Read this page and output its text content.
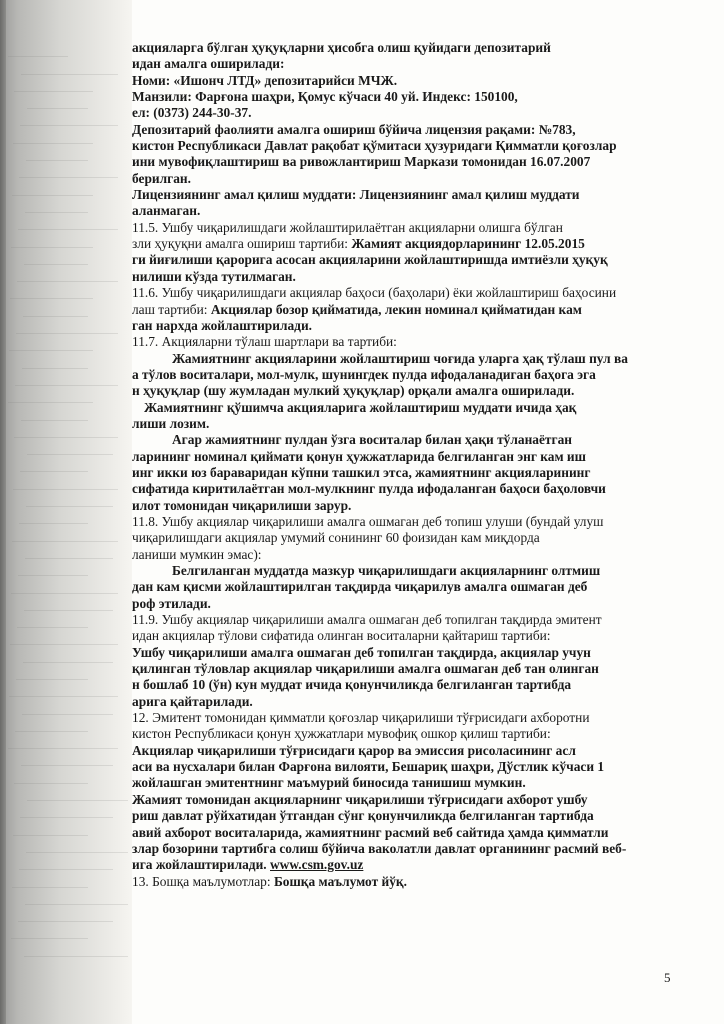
акцияларга бўлган ҳуқуқларни ҳисобга олиш қуйидаги депозитарий

идан амалга оширилади:

Номи: «Ишонч ЛТД» депозитарийси МЧЖ.

Манзили: Фарғона шаҳри, Қомус кўчаси 40 уй. Индекс: 150100,

ел: (0373) 244-30-37.

Депозитарий фаолияти амалга ошириш бўйича лицензия рақами: №783,

кистон Республикаси Давлат рақобат қўмитаси ҳузуридаги Қимматли қоғозлар

ини мувофиқлаштириш ва ривожлантириш Маркази томонидан 16.07.2007

берилган.

Лицензиянинг амал қилиш муддати: Лицензиянинг амал қилиш муддати

аланмаган.

11.5. Ушбу чиқарилишдаги жойлаштирилаётган акцияларни олишга бўлган

зли ҳуқуқни амалга ошириш тартиби: Жамият акциядорларининг 12.05.2015

ги йиғилиши қарорига асосан акцияларини жойлаштиришда имтиёзли ҳуқуқ

нилиши кўзда тутилмаган.

11.6. Ушбу чиқарилишдаги акциялар баҳоси (баҳолари) ёки жойлаштириш баҳосини

лаш тартиби: Акциялар бозор қийматида, лекин номинал қийматидан кам

ган нархда жойлаштирилади.

11.7. Акцияларни тўлаш шартлари ва тартиби:

Жамиятнинг акцияларини жойлаштириш чоғида уларга ҳақ тўлаш пул ва

а тўлов воситалари, мол-мулк, шунингдек пулда ифодаланадиган баҳога эга

н ҳуқуқлар (шу жумладан мулкий ҳуқуқлар) орқали амалга оширилади.

Жамиятнинг қўшимча акцияларига жойлаштириш муддати ичида ҳақ

лиши лозим.

Агар жамиятнинг пулдан ўзга воситалар билан ҳақи тўланаётган

ларининг номинал қиймати қонун ҳужжатларида белгиланган энг кам иш

инг икки юз бараваридан кўпни ташкил этса, жамиятнинг акцияларининг

сифатида киритилаётган мол-мулкнинг пулда ифодаланган баҳоси баҳоловчи

илот томонидан чиқарилиши зарур.

11.8. Ушбу акциялар чиқарилиши амалга ошмаган деб топиш улуши (бундай улуш

чиқарилишдаги акциялар умумий сонининг 60 фоизидан кам миқдорда

ланиши мумкин эмас):

Белгиланган муддатда мазкур чиқарилишдаги акцияларнинг олтмиш

дан кам қисми жойлаштирилган тақдирда чиқарилув амалга ошмаган деб

роф этилади.

11.9. Ушбу акциялар чиқарилиши амалга ошмаган деб топилган тақдирда эмитент

идан акциялар тўлови сифатида олинган воситаларни қайтариш тартиби:

Ушбу чиқарилиши амалга ошмаган деб топилган тақдирда, акциялар учун

қилинган тўловлар акциялар чиқарилиши амалга ошмаган деб тан олинган

н бошлаб 10 (ўн) кун муддат ичида қонунчиликда белгиланган тартибда

арига қайтарилади.

12. Эмитент томонидан қимматли қоғозлар чиқарилиши тўғрисидаги ахборотни

кистон Республикаси қонун ҳужжатлари мувофиқ ошкор қилиш тартиби:

Акциялар чиқарилиши тўғрисидаги қарор ва эмиссия рисоласининг асл

аси ва нусхалари билан Фарғона вилояти, Бешариқ шаҳри, Дўстлик кўчаси 1

жойлашган эмитентнинг маъмурий биносида танишиш мумкин.

Жамият томонидан акцияларнинг чиқарилиши тўғрисидаги ахборот ушбу

риш давлат рўйхатидан ўтгандан сўнг қонунчиликда белгиланган тартибда

авий ахборот воситаларида, жамиятнинг расмий веб сайтида ҳамда қимматли

злар бозорини тартибга солиш бўйича ваколатли давлат органининг расмий веб-

ига жойлаштирилади. www.csm.gov.uz

13. Бошқа маълумотлар: Бошқа маълумот йўқ.

5
